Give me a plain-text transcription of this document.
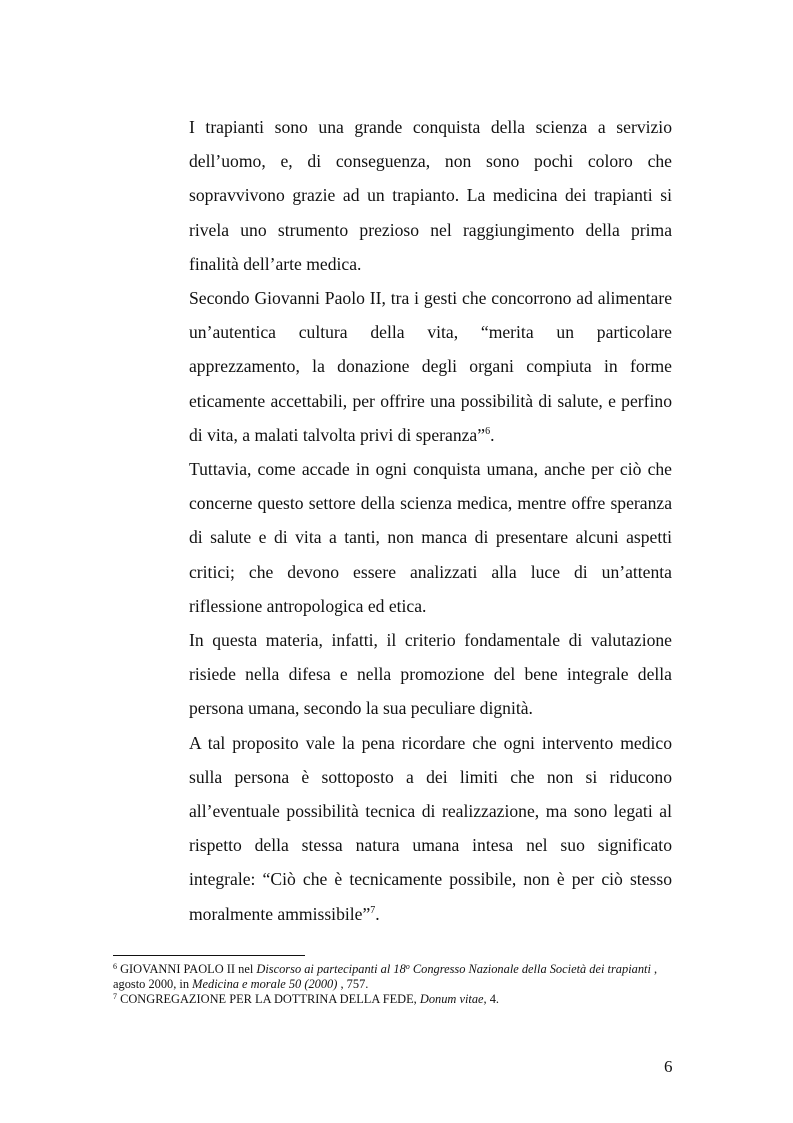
I trapianti sono una grande conquista della scienza a servizio dell’uomo, e, di conseguenza, non sono pochi coloro che sopravvivono grazie ad un trapianto. La medicina dei trapianti si rivela uno strumento prezioso nel raggiungimento della prima finalità dell’arte medica.

Secondo Giovanni Paolo II, tra i gesti che concorrono ad alimentare un’autentica cultura della vita, “merita un particolare apprezzamento, la donazione degli organi compiuta in forme eticamente accettabili, per offrire una possibilità di salute, e perfino di vita, a malati talvolta privi di speranza”$^6$.

Tuttavia, come accade in ogni conquista umana, anche per ciò che concerne questo settore della scienza medica, mentre offre speranza di salute e di vita a tanti, non manca di presentare alcuni aspetti critici; che devono essere analizzati alla luce di un’attenta riflessione antropologica ed etica.

In questa materia, infatti, il criterio fondamentale di valutazione risiede nella difesa e nella promozione del bene integrale della persona umana, secondo la sua peculiare dignità.

A tal proposito vale la pena ricordare che ogni intervento medico sulla persona è sottoposto a dei limiti che non si riducono all’eventuale possibilità tecnica di realizzazione, ma sono legati al rispetto della stessa natura umana intesa nel suo significato integrale: “Ciò che è tecnicamente possibile, non è per ciò stesso moralmente ammissibile”$^7$.

$^6$ GIOVANNI PAOLO II nel Discorso ai partecipanti al 18$^o$ Congresso Nazionale della Società dei trapianti , agosto 2000, in Medicina e morale 50 (2000) , 757.

$^7$ CONGREGAZIONE PER LA DOTTRINA DELLA FEDE, Donum vitae, 4.

6
